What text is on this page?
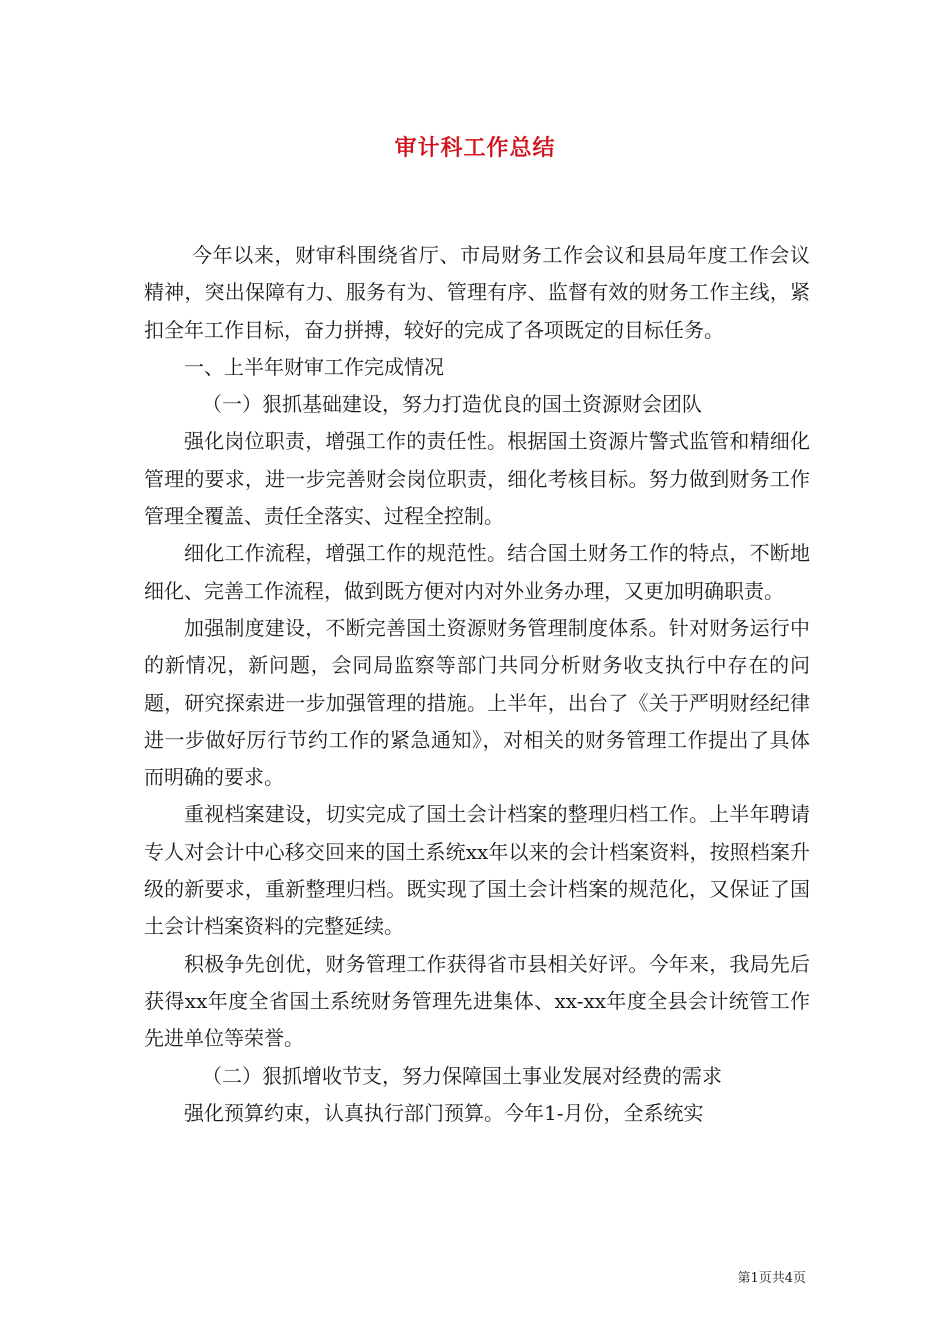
审计科工作总结

今年以来，财审科围绕省厅、市局财务工作会议和县局年度工作会议精神，突出保障有力、服务有为、管理有序、监督有效的财务工作主线，紧扣全年工作目标，奋力拼搏，较好的完成了各项既定的目标任务。

一、上半年财审工作完成情况

（一）狠抓基础建设，努力打造优良的国土资源财会团队

强化岗位职责，增强工作的责任性。根据国土资源片警式监管和精细化管理的要求，进一步完善财会岗位职责，细化考核目标。努力做到财务工作管理全覆盖、责任全落实、过程全控制。

细化工作流程，增强工作的规范性。结合国土财务工作的特点，不断地细化、完善工作流程，做到既方便对内对外业务办理，又更加明确职责。

加强制度建设，不断完善国土资源财务管理制度体系。针对财务运行中的新情况，新问题，会同局监察等部门共同分析财务收支执行中存在的问题，研究探索进一步加强管理的措施。上半年，出台了《关于严明财经纪律进一步做好厉行节约工作的紧急通知》，对相关的财务管理工作提出了具体而明确的要求。

重视档案建设，切实完成了国土会计档案的整理归档工作。上半年聘请专人对会计中心移交回来的国土系统xx年以来的会计档案资料，按照档案升级的新要求，重新整理归档。既实现了国土会计档案的规范化，又保证了国土会计档案资料的完整延续。

积极争先创优，财务管理工作获得省市县相关好评。今年来，我局先后获得xx年度全省国土系统财务管理先进集体、xx-xx年度全县会计统管工作先进单位等荣誉。

（二）狠抓增收节支，努力保障国土事业发展对经费的需求

强化预算约束，认真执行部门预算。今年1-月份，全系统实

第1页共4页
